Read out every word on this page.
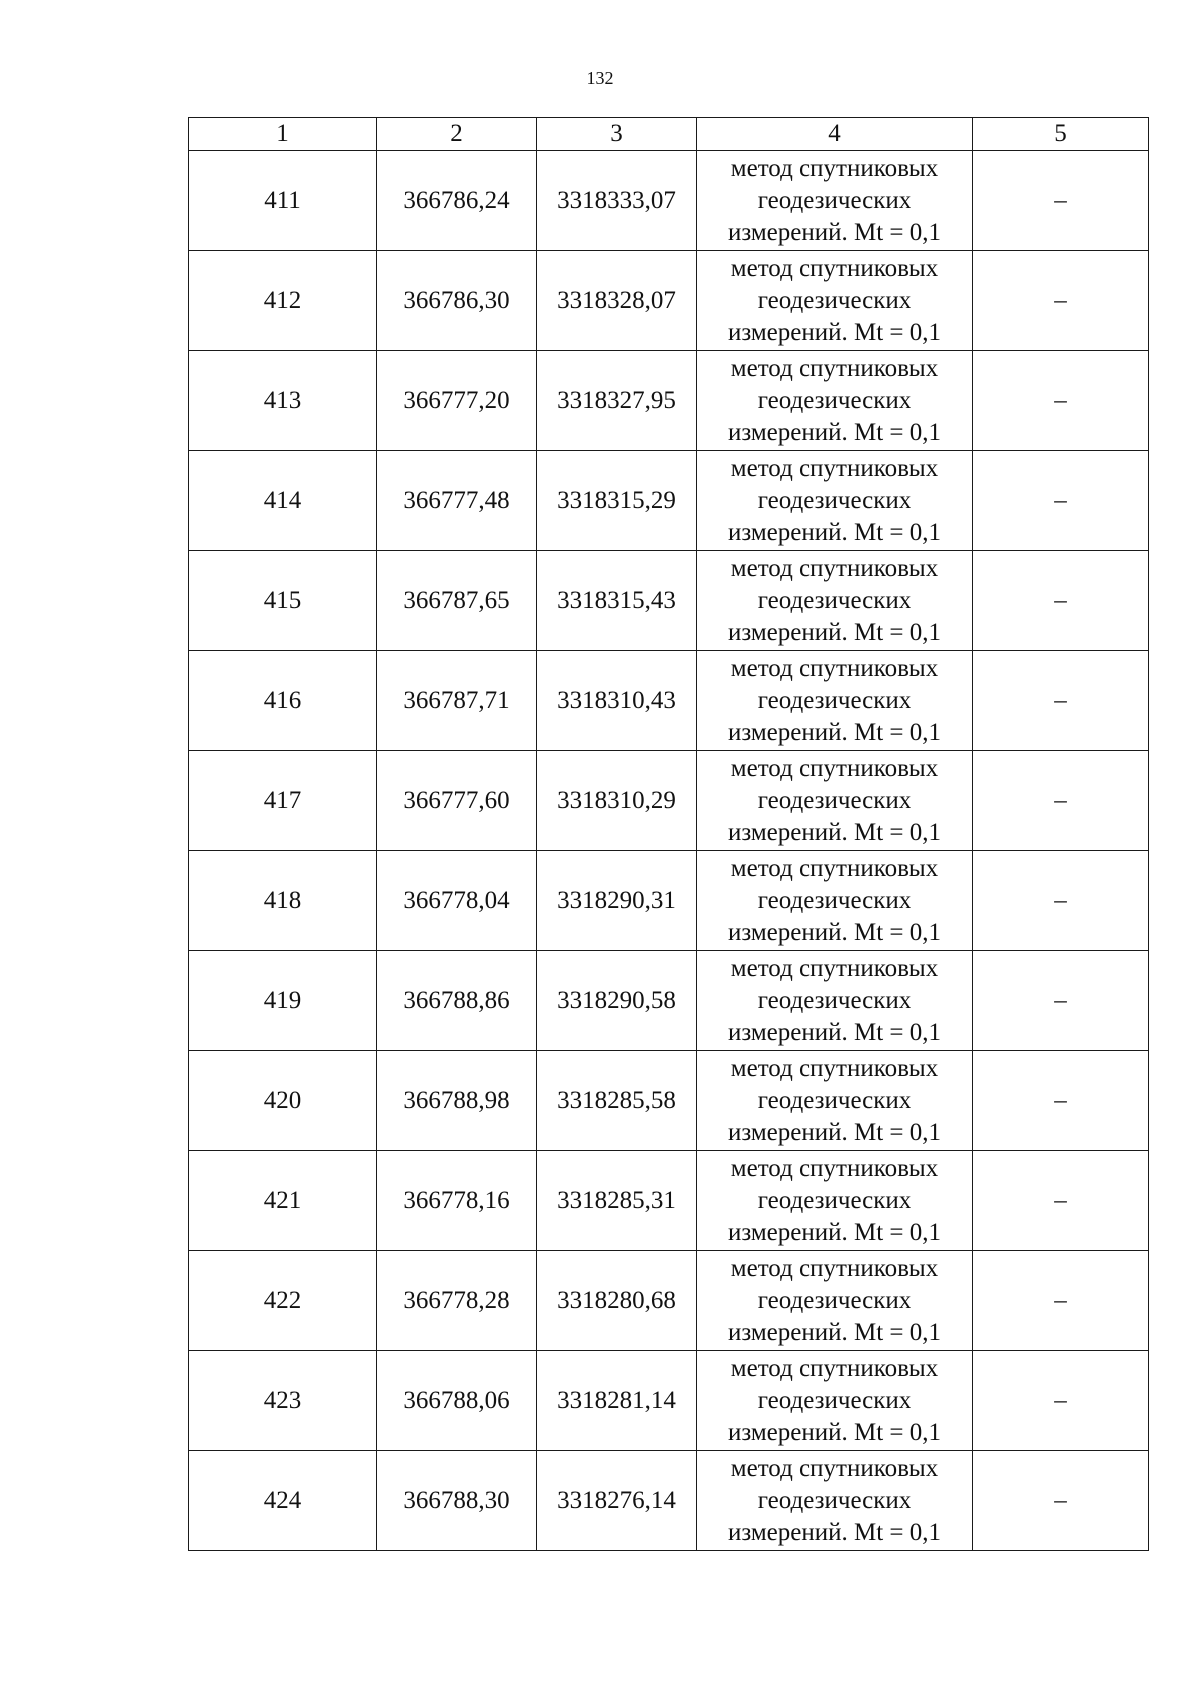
132
1	2	3	4	5
411	366786,24	3318333,07	метод спутниковых
геодезических
измерений. Mt = 0,1	–
412	366786,30	3318328,07	метод спутниковых
геодезических
измерений. Mt = 0,1	–
413	366777,20	3318327,95	метод спутниковых
геодезических
измерений. Mt = 0,1	–
414	366777,48	3318315,29	метод спутниковых
геодезических
измерений. Mt = 0,1	–
415	366787,65	3318315,43	метод спутниковых
геодезических
измерений. Mt = 0,1	–
416	366787,71	3318310,43	метод спутниковых
геодезических
измерений. Mt = 0,1	–
417	366777,60	3318310,29	метод спутниковых
геодезических
измерений. Mt = 0,1	–
418	366778,04	3318290,31	метод спутниковых
геодезических
измерений. Mt = 0,1	–
419	366788,86	3318290,58	метод спутниковых
геодезических
измерений. Mt = 0,1	–
420	366788,98	3318285,58	метод спутниковых
геодезических
измерений. Mt = 0,1	–
421	366778,16	3318285,31	метод спутниковых
геодезических
измерений. Mt = 0,1	–
422	366778,28	3318280,68	метод спутниковых
геодезических
измерений. Mt = 0,1	–
423	366788,06	3318281,14	метод спутниковых
геодезических
измерений. Mt = 0,1	–
424	366788,30	3318276,14	метод спутниковых
геодезических
измерений. Mt = 0,1	–
